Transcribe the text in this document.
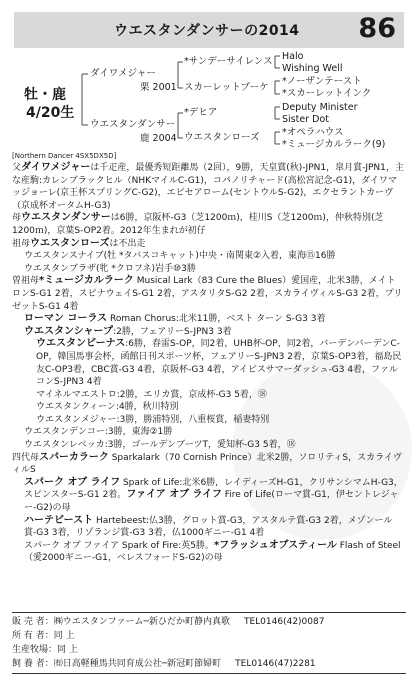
ウエスタンダンサーの2014 86
牡・鹿
4/20生
ダイワメジャー
栗 2001
ウエスタンダンサー
鹿 2004
*サンデーサイレンス
スカーレットブーケ
*デヒア
ウエスタンローズ
Halo
Wishing Well
*ノーザンテースト
*スカーレットインク
Deputy Minister
Sister Dot
*オペラハウス
*ミュージカルラーク(9)
[Northern Dancer 4SX5DX5D]

父ダイワメジャーは千疋産，最優秀短距離馬（2回），9勝，天皇賞(秋)-JPN1，皐月賞-JPN1，主な産駒:カレンブラックヒル（NHKマイルC-G1)，コパノリチャード(高松宮記念-G1)，ダイワマッジョーレ(京王杯スプリングC-G2)，エピセアローム(セントウルS-G2)，エクセラントカーヴ（京成杯オータムH-G3)

母ウエスタンダンサーは6勝，京阪杯-G3（芝1200ｍ)，桂川S（芝1200ｍ)，仲秋特別(芝1200ｍ)，京葉S-OP2着。2012年生まれが初仔

祖母ウエスタンローズは不出走

ウエスタンスナイブ(牡 *タバスコキャット)中央・南関東②入着，東海⑮16勝

ウエスタンブラザ(牝 *クロフネ)岩手⑩3勝

曽祖母*ミュージカルラーク Musical Lark（83 Cure the Blues）愛国産，北米3勝，メイトロンS-G1 2着，スピナウェイS-G1 2着，アスタリタS-G2 2着，スカライヴィルS-G3 2着，プリゼットS-G1 4着

ローマン コーラス Roman Chorus:北米11勝，ベスト ターン S-G3 3着

ウエスタンシャープ:2勝，フェアリーS-JPN3 3着

ウエスタンビーナス:6勝，春雷S-OP，同2着，UHB杯-OP，同2着，バーデンバーデンC-OP，韓国馬事会杯，函館日刊スポーツ杯，フェアリーS-JPN3 2着，京葉S-OP3着，福島民友C-OP3着，CBC賞-G3 4着，京阪杯-G3 4着，アイビスサマーダッシュ-G3 4着，ファルコンS-JPN3 4着

マイネルマエストロ:2勝，エリカ賞，京成杯-G3 5着，⑱

ウエスタンクィーン:4勝，秋川特別

ウエスタンメジャー:3勝，勝浦特別，八重桜賞，稲妻特別

ウエスタンデンコー:3勝，東海②1勝

ウエスタンレベッカ:3勝，ゴールデンブーツT，愛知杯-G3 5着，⑱

四代母スパーカラーク Sparkalark（70 Cornish Prince）北米2勝，ソロリティS，スカライヴィルS

スパーク オブ ライフ Spark of Life:北米6勝，レイディーズH-G1，クリサンシマムH-G3，スピンスターS-G1 2着。ファイア オブ ライフ Fire of Life(ローマ賞-G1，伊セントレジャー-G2)の母

ハーテビースト Hartebeest:仏3勝，グロット賞-G3，アスタルテ賞-G3 2着，メゾンール賞-G3 3着，リゾランジ賞-G3 3着，仏1000ギニー-G1 4着

スパーク オブ ファイア Spark of Fire:英5勝。*フラッシュオブスティール Flash of Steel（愛2000ギニー-G1，ベレスフォードS-G2)の母

販 売 者：㈱ウエスタンファーム─新ひだか町静内真歌 TEL0146(42)0087
所 有 者：同 上
生産牧場：同 上
飼 養 者：㈲日高軽種馬共同育成公社─新冠町節婦町 TEL0146(47)2281
